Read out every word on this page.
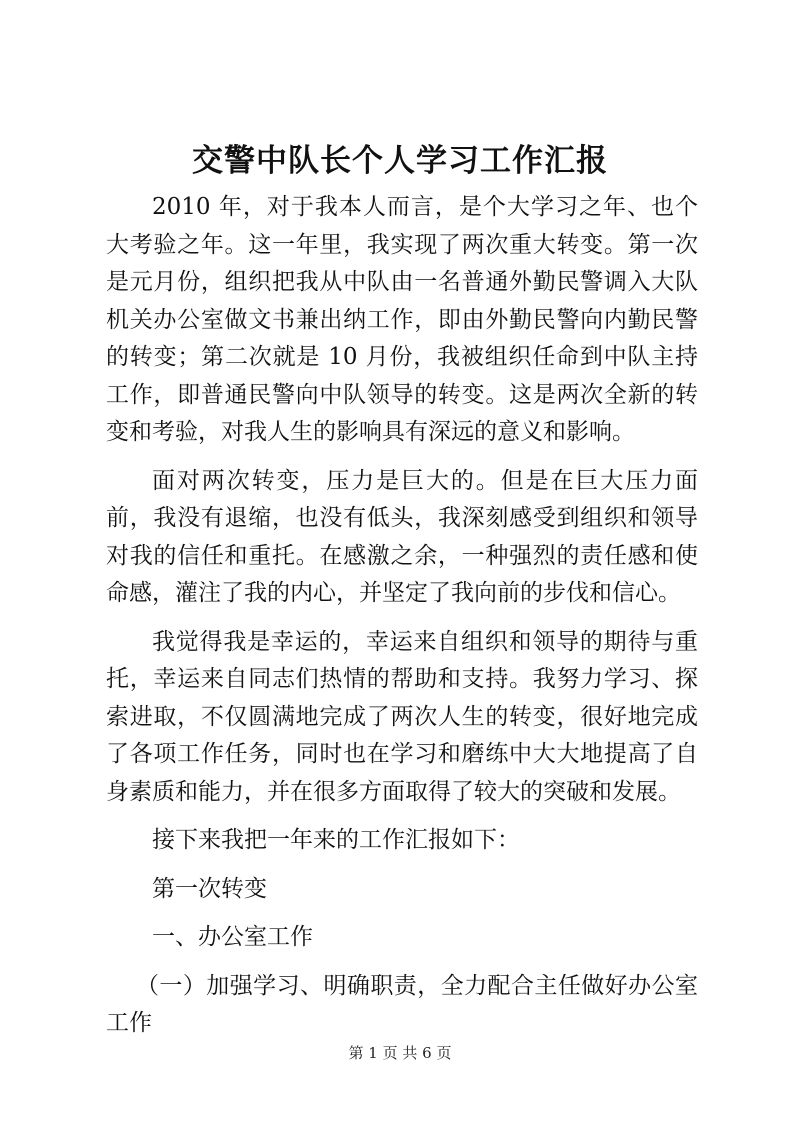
交警中队长个人学习工作汇报

2010 年，对于我本人而言，是个大学习之年、也个大考验之年。这一年里，我实现了两次重大转变。第一次是元月份，组织把我从中队由一名普通外勤民警调入大队机关办公室做文书兼出纳工作，即由外勤民警向内勤民警的转变；第二次就是 10 月份，我被组织任命到中队主持工作，即普通民警向中队领导的转变。这是两次全新的转变和考验，对我人生的影响具有深远的意义和影响。

面对两次转变，压力是巨大的。但是在巨大压力面前，我没有退缩，也没有低头，我深刻感受到组织和领导对我的信任和重托。在感激之余，一种强烈的责任感和使命感，灌注了我的内心，并坚定了我向前的步伐和信心。

我觉得我是幸运的，幸运来自组织和领导的期待与重托，幸运来自同志们热情的帮助和支持。我努力学习、探索进取，不仅圆满地完成了两次人生的转变，很好地完成了各项工作任务，同时也在学习和磨练中大大地提高了自身素质和能力，并在很多方面取得了较大的突破和发展。

接下来我把一年来的工作汇报如下：

第一次转变

一、办公室工作

（一）加强学习、明确职责，全力配合主任做好办公室工作

第 1 页 共 6 页
